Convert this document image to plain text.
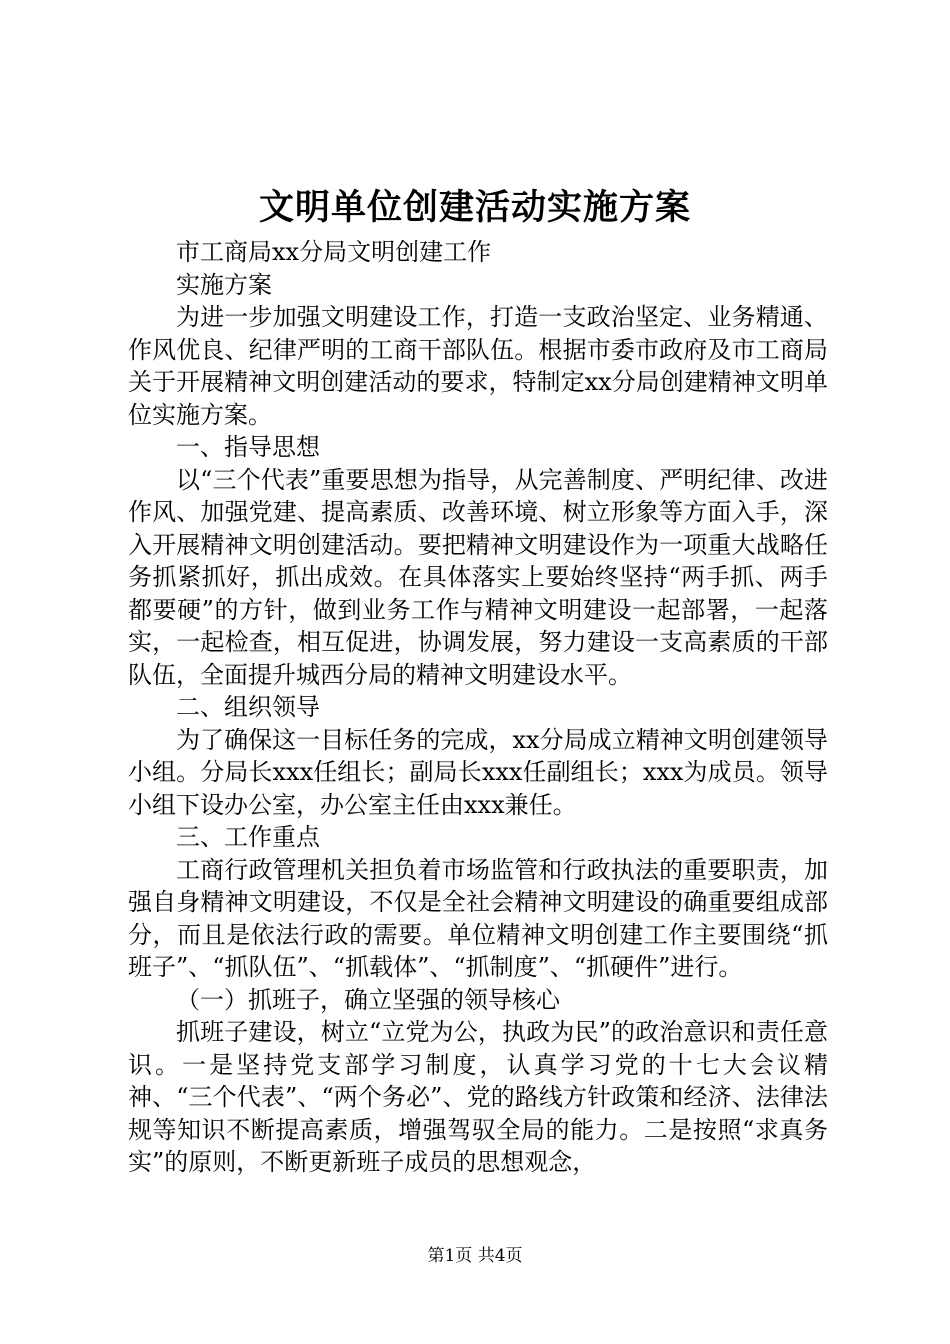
文明单位创建活动实施方案

市工商局xx分局文明创建工作

实施方案

为进一步加强文明建设工作，打造一支政治坚定、业务精通、作风优良、纪律严明的工商干部队伍。根据市委市政府及市工商局关于开展精神文明创建活动的要求，特制定xx分局创建精神文明单位实施方案。

一、指导思想

以“三个代表”重要思想为指导，从完善制度、严明纪律、改进作风、加强党建、提高素质、改善环境、树立形象等方面入手，深入开展精神文明创建活动。要把精神文明建设作为一项重大战略任务抓紧抓好，抓出成效。在具体落实上要始终坚持“两手抓、两手都要硬”的方针，做到业务工作与精神文明建设一起部署，一起落实，一起检查，相互促进，协调发展，努力建设一支高素质的干部队伍，全面提升城西分局的精神文明建设水平。

二、组织领导

为了确保这一目标任务的完成，xx分局成立精神文明创建领导小组。分局长xxx任组长；副局长xxx任副组长；xxx为成员。领导小组下设办公室，办公室主任由xxx兼任。

三、工作重点

工商行政管理机关担负着市场监管和行政执法的重要职责，加强自身精神文明建设，不仅是全社会精神文明建设的确重要组成部分，而且是依法行政的需要。单位精神文明创建工作主要围绕“抓班子”、“抓队伍”、“抓载体”、“抓制度”、“抓硬件”进行。

（一）抓班子，确立坚强的领导核心

抓班子建设，树立“立党为公，执政为民”的政治意识和责任意识。一是坚持党支部学习制度，认真学习党的十七大会议精神、“三个代表”、“两个务必”、党的路线方针政策和经济、法律法规等知识不断提高素质，增强驾驭全局的能力。二是按照“求真务实”的原则，不断更新班子成员的思想观念，

第1页 共4页
